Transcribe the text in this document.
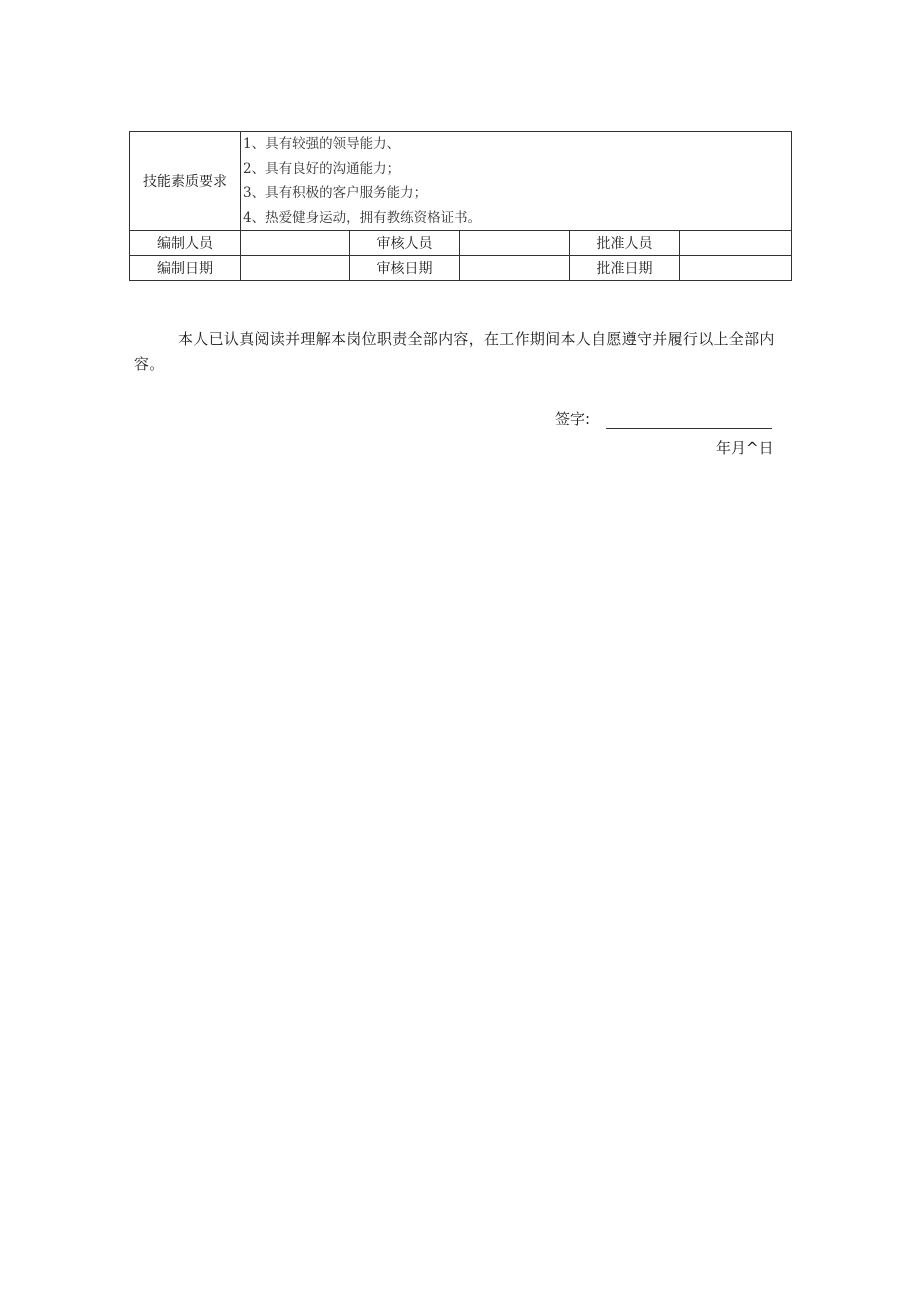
技能素质要求	1、具有较强的领导能力、
2、具有良好的沟通能力；
3、具有积极的客户服务能力；
4、热爱健身运动，拥有教练资格证书。				

编制人员		审核人员		批准人员	
编制日期		审核日期		批准日期	

本人已认真阅读并理解本岗位职责全部内容，在工作期间本人自愿遵守并履行以上全部内容。

签字:
年月^日
